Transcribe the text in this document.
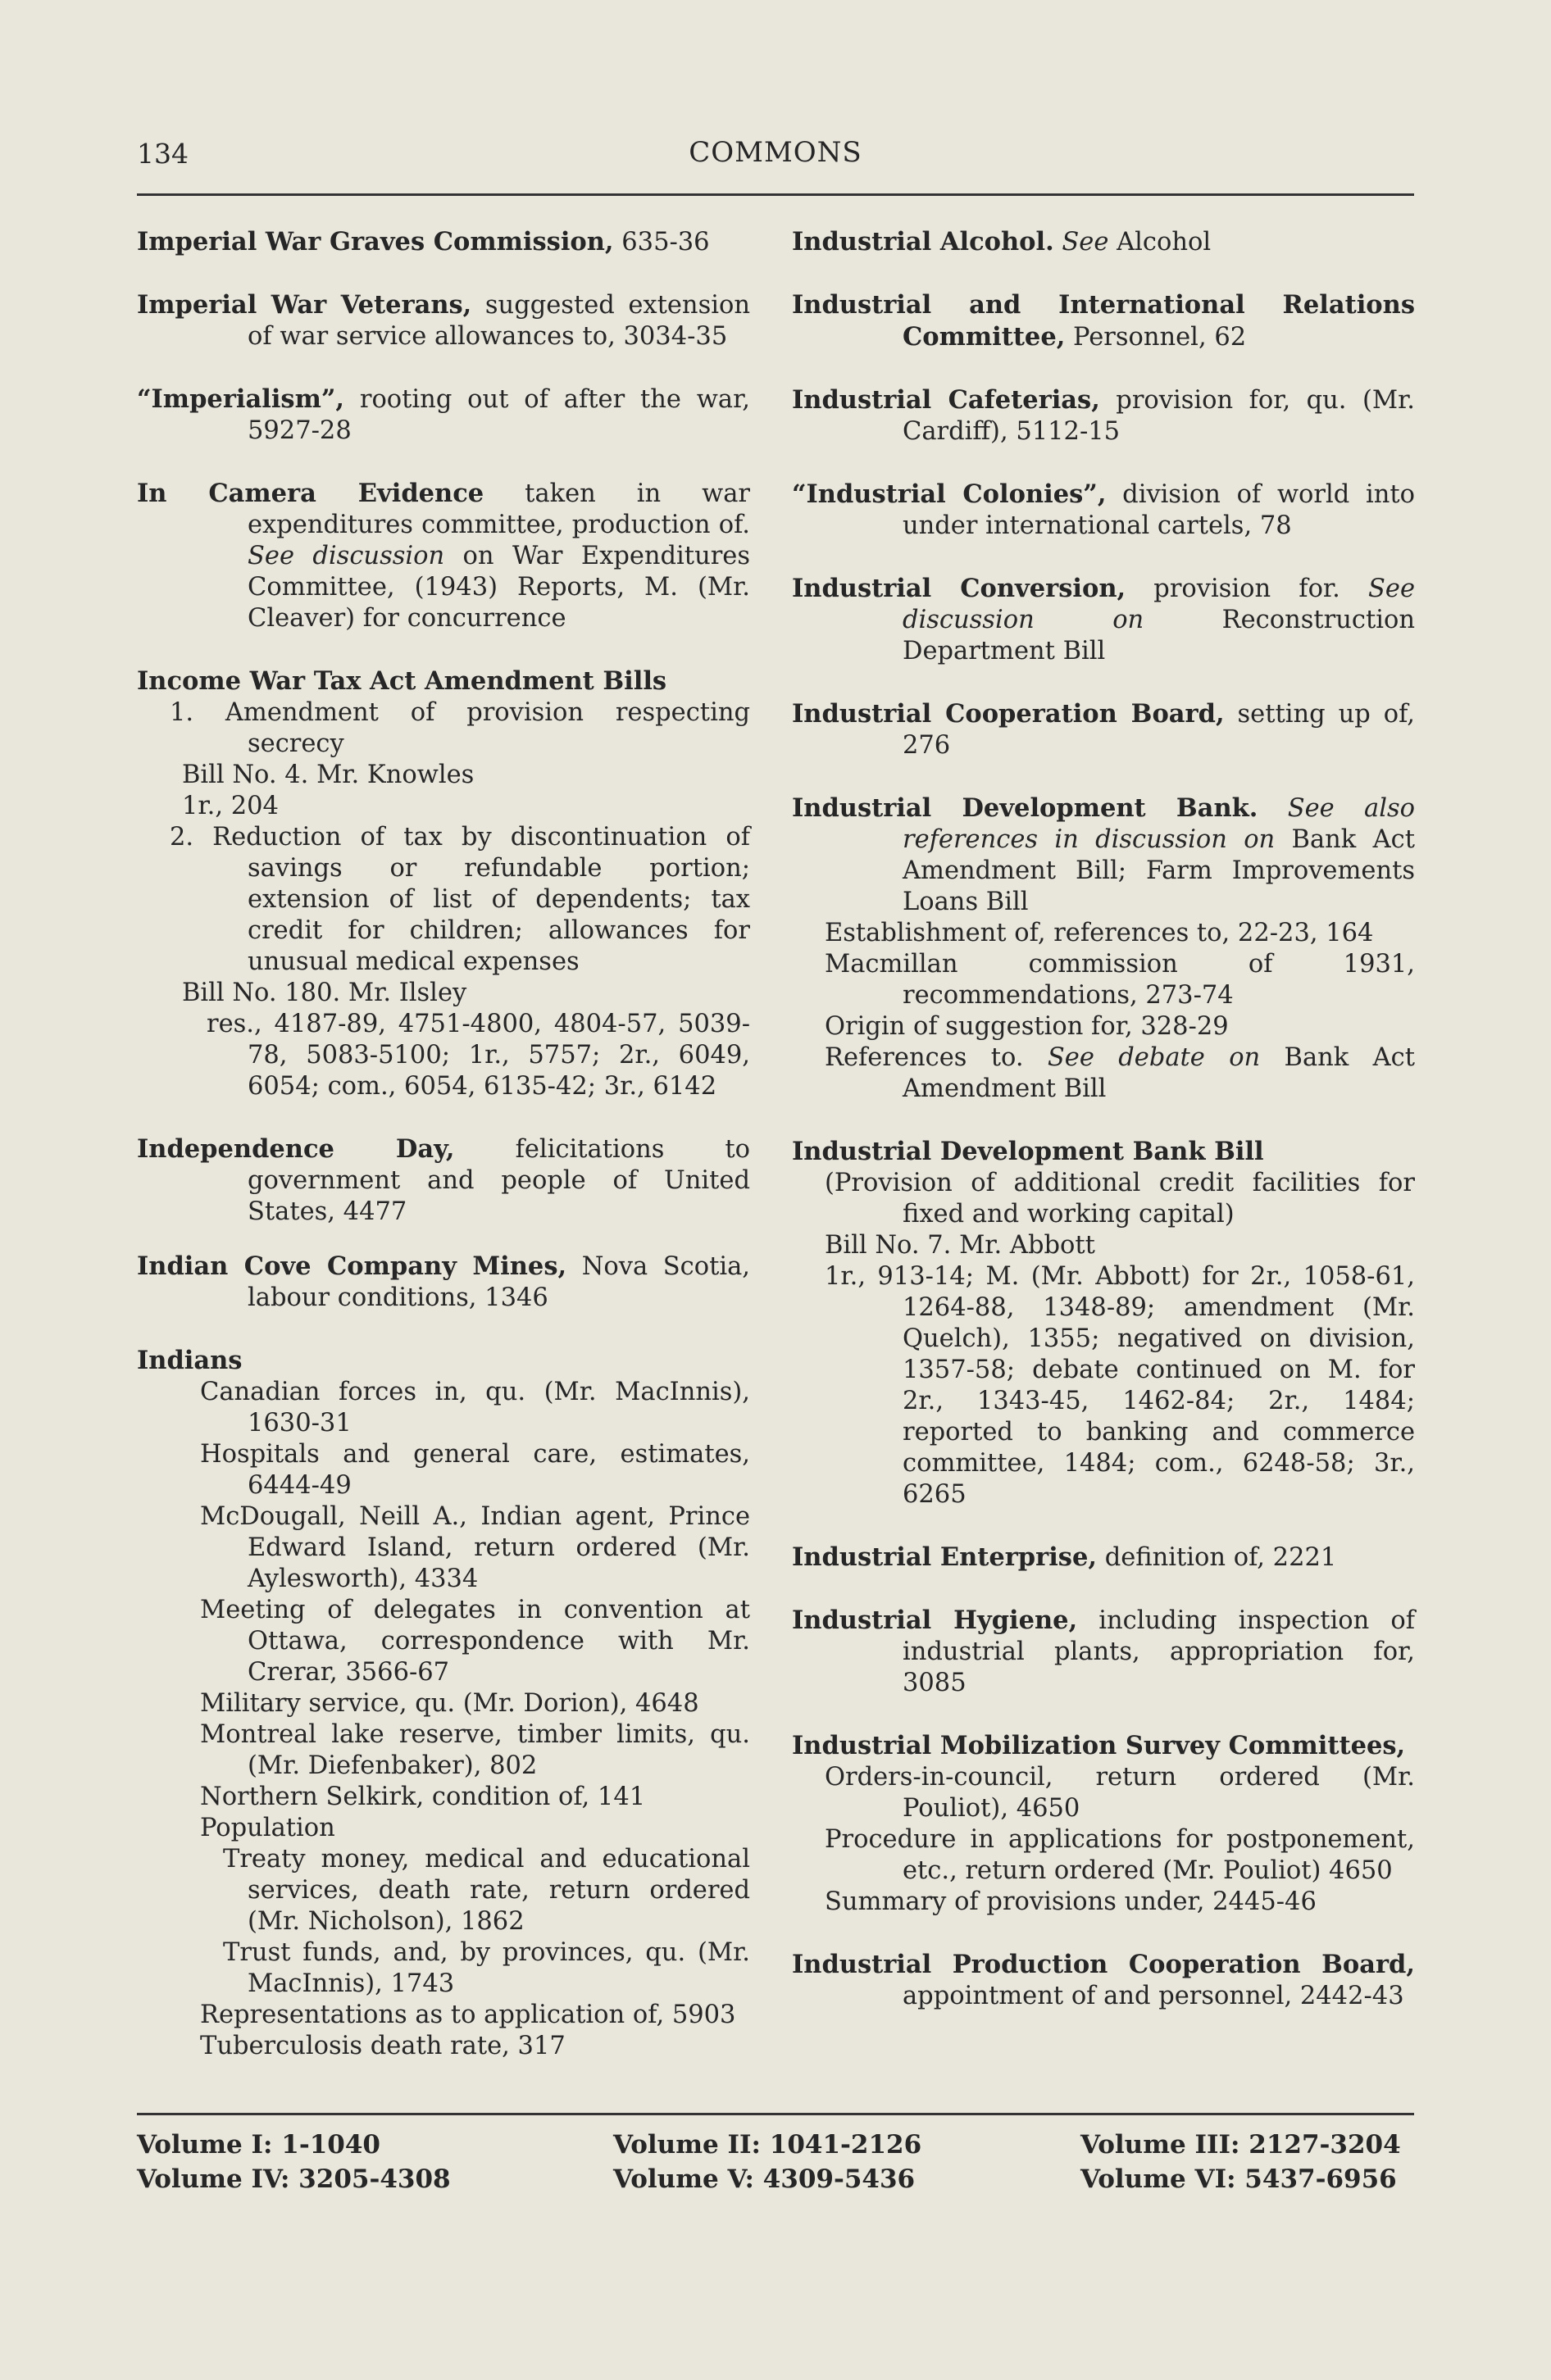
134	COMMONS

Imperial War Graves Commission, 635-36

Imperial War Veterans, suggested extension of war service allowances to, 3034-35

“Imperialism”, rooting out of after the war, 5927-28

In Camera Evidence taken in war expenditures committee, production of. See discussion on War Expenditures Committee, (1943) Reports, M. (Mr. Cleaver) for concurrence

Income War Tax Act Amendment Bills

1. Amendment of provision respecting secrecy

Bill No. 4. Mr. Knowles

1r., 204

2. Reduction of tax by discontinuation of savings or refundable portion; extension of list of dependents; tax credit for children; allowances for unusual medical expenses

Bill No. 180. Mr. Ilsley

res., 4187-89, 4751-4800, 4804-57, 5039-78, 5083-5100; 1r., 5757; 2r., 6049, 6054; com., 6054, 6135-42; 3r., 6142

Independence Day, felicitations to government and people of United States, 4477

Indian Cove Company Mines, Nova Scotia, labour conditions, 1346

Indians

Canadian forces in, qu. (Mr. MacInnis), 1630-31

Hospitals and general care, estimates, 6444-49

McDougall, Neill A., Indian agent, Prince Edward Island, return ordered (Mr. Aylesworth), 4334

Meeting of delegates in convention at Ottawa, correspondence with Mr. Crerar, 3566-67

Military service, qu. (Mr. Dorion), 4648

Montreal lake reserve, timber limits, qu. (Mr. Diefenbaker), 802

Northern Selkirk, condition of, 141

Population

Treaty money, medical and educational services, death rate, return ordered (Mr. Nicholson), 1862

Trust funds, and, by provinces, qu. (Mr. MacInnis), 1743

Representations as to application of, 5903

Tuberculosis death rate, 317

Industrial Alcohol. See Alcohol

Industrial and International Relations Committee, Personnel, 62

Industrial Cafeterias, provision for, qu. (Mr. Cardiff), 5112-15

“Industrial Colonies”, division of world into under international cartels, 78

Industrial Conversion, provision for. See discussion on Reconstruction Department Bill

Industrial Cooperation Board, setting up of, 276

Industrial Development Bank. See also references in discussion on Bank Act Amendment Bill; Farm Improvements Loans Bill

Establishment of, references to, 22-23, 164

Macmillan commission of 1931, recommendations, 273-74

Origin of suggestion for, 328-29

References to. See debate on Bank Act Amendment Bill

Industrial Development Bank Bill

(Provision of additional credit facilities for fixed and working capital)

Bill No. 7. Mr. Abbott

1r., 913-14; M. (Mr. Abbott) for 2r., 1058-61, 1264-88, 1348-89; amendment (Mr. Quelch), 1355; negatived on division, 1357-58; debate continued on M. for 2r., 1343-45, 1462-84; 2r., 1484; reported to banking and commerce committee, 1484; com., 6248-58; 3r., 6265

Industrial Enterprise, definition of, 2221

Industrial Hygiene, including inspection of industrial plants, appropriation for, 3085

Industrial Mobilization Survey Committees,

Orders-in-council, return ordered (Mr. Pouliot), 4650

Procedure in applications for postponement, etc., return ordered (Mr. Pouliot) 4650

Summary of provisions under, 2445-46

Industrial Production Cooperation Board, appointment of and personnel, 2442-43

Volume I: 1-1040
Volume IV: 3205-4308
Volume II: 1041-2126
Volume V: 4309-5436
Volume III: 2127-3204
Volume VI: 5437-6956
